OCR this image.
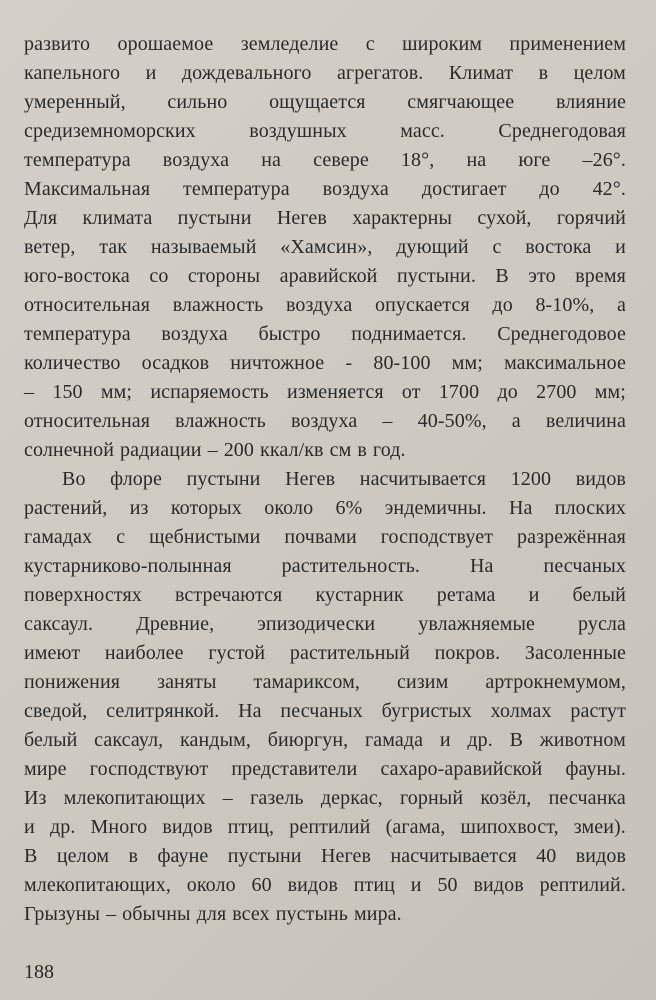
развито орошаемое земледелие с широким применением
капельного и дождевального агрегатов. Климат в целом
умеренный, сильно ощущается смягчающее влияние
средиземноморских	воздушных	масс.	Среднегодовая
температура воздуха на севере 18°, на юге –26°.
Максимальная температура воздуха достигает до 42°.
Для климата пустыни Негев характерны сухой, горячий
ветер, так называемый «Хамсин», дующий с востока и
юго-востока со стороны аравийской пустыни. В это время
относительная влажность воздуха опускается до 8-10%, а
температура воздуха быстро поднимается. Среднегодовое
количество осадков ничтожное - 80-100 мм; максимальное
– 150 мм; испаряемость изменяется от 1700 до 2700 мм;
относительная влажность воздуха – 40-50%, а величина
солнечной
радиации
–
200
ккал/кв
см
в
год.
Во флоре пустыни Негев насчитывается 1200 видов
растений, из которых около 6% эндемичны. На плоских
гамадах с щебнистыми почвами господствует разрежённая
кустарниково-полынная растительность. На песчаных
поверхностях встречаются кустарник ретама и белый
саксаул. Древние, эпизодически увлажняемые русла
имеют наиболее густой растительный покров. Засоленные
понижения заняты тамариксом, сизим артрокнемумом,
сведой, селитрянкой. На песчаных бугристых холмах растут
белый саксаул, кандым, биюргун, гамада и др. В животном
мире господствуют представители сахаро-аравийской фауны.
Из млекопитающих – газель деркас, горный козёл, песчанка
и др. Много видов птиц, рептилий (агама, шипохвост, змеи).
В целом в фауне пустыни Негев насчитывается 40 видов
млекопитающих, около 60 видов птиц и 50 видов рептилий.
Грызуны
–
обычны
для
всех
пустынь
мира.
188
